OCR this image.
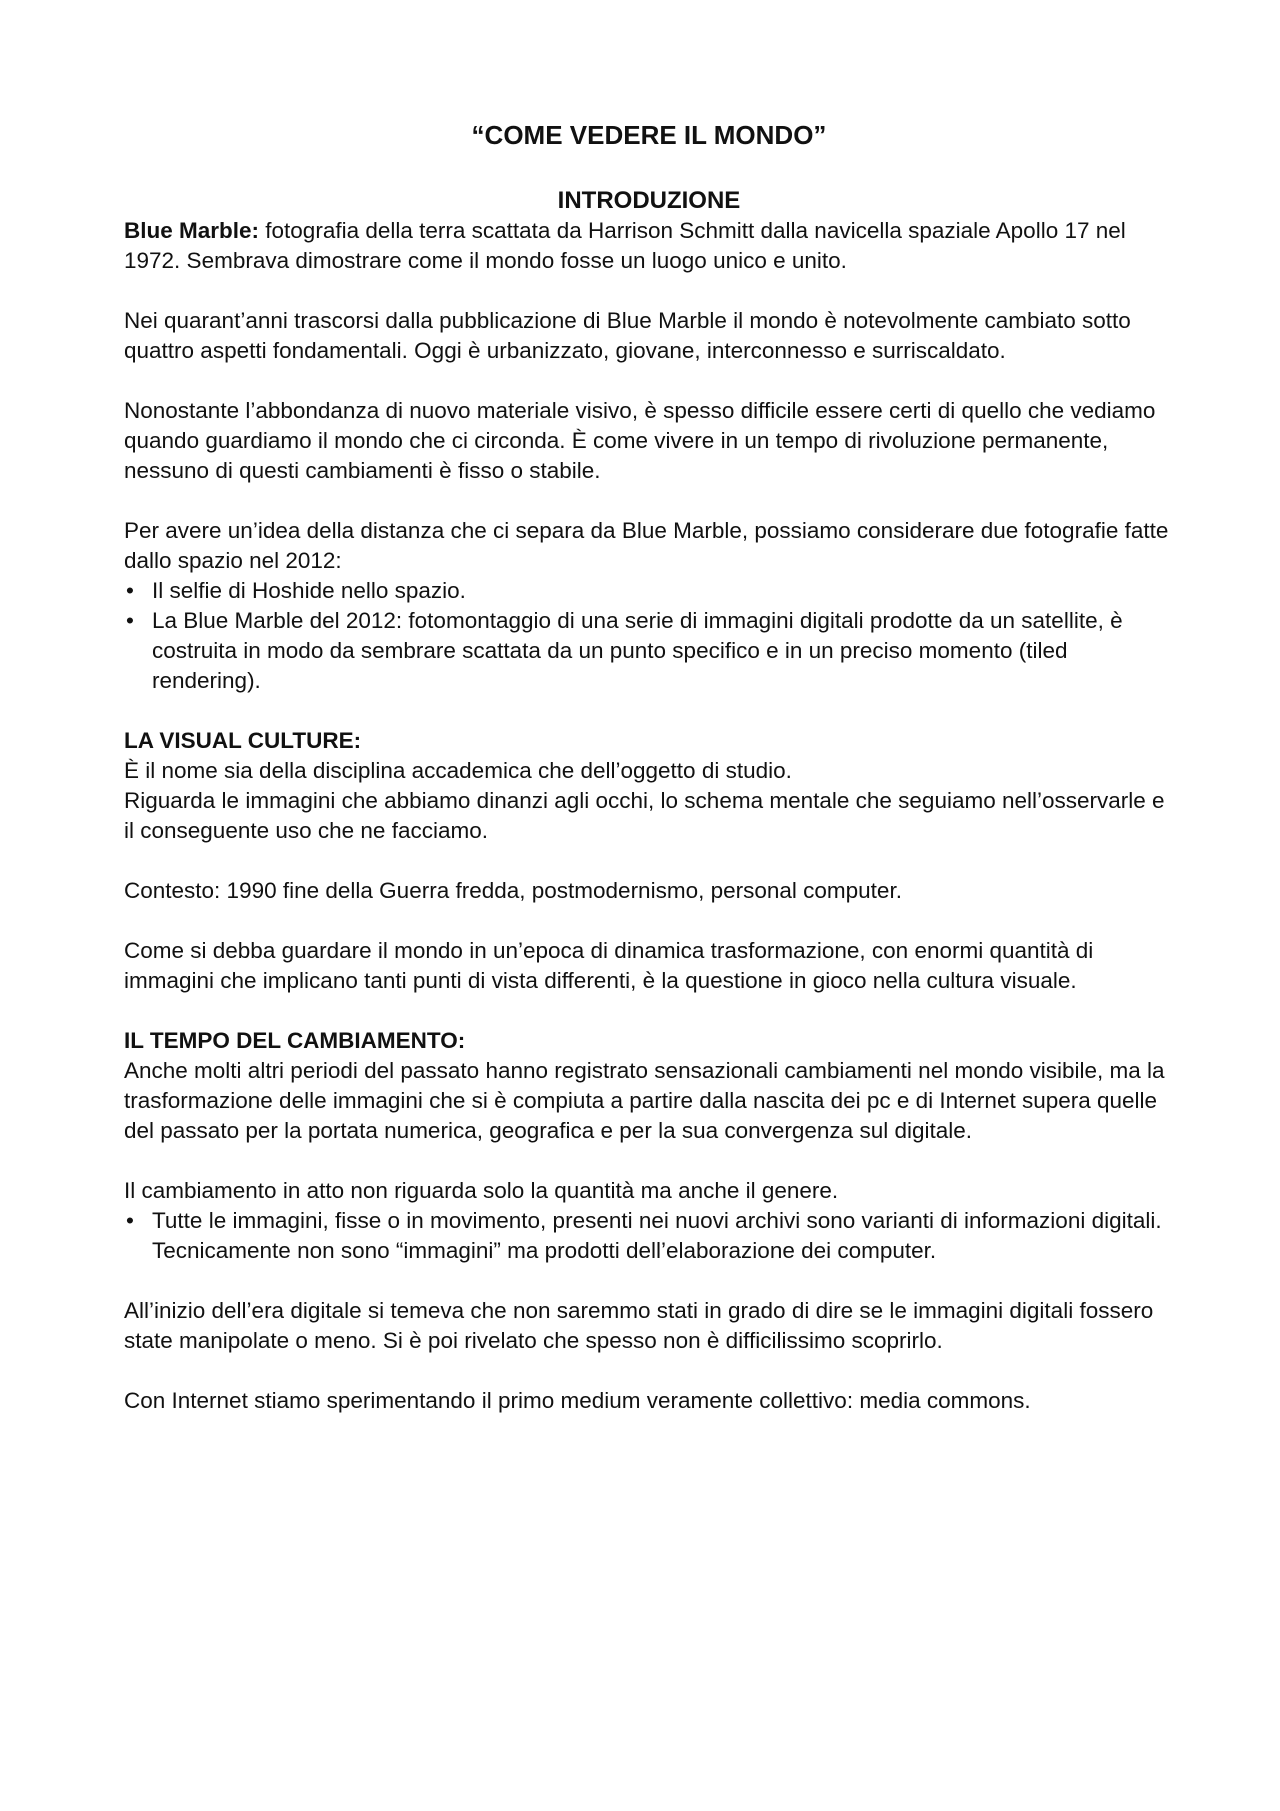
“COME VEDERE IL MONDO”
INTRODUZIONE

Blue Marble: fotografia della terra scattata da Harrison Schmitt dalla navicella spaziale Apollo 17 nel 1972. Sembrava dimostrare come il mondo fosse un luogo unico e unito.

Nei quarant’anni trascorsi dalla pubblicazione di Blue Marble il mondo è notevolmente cambiato sotto quattro aspetti fondamentali. Oggi è urbanizzato, giovane, interconnesso e surriscaldato.

Nonostante l’abbondanza di nuovo materiale visivo, è spesso difficile essere certi di quello che vediamo quando guardiamo il mondo che ci circonda. È come vivere in un tempo di rivoluzione permanente, nessuno di questi cambiamenti è fisso o stabile.

Per avere un’idea della distanza che ci separa da Blue Marble, possiamo considerare due fotografie fatte dallo spazio nel 2012:

• Il selfie di Hoshide nello spazio.
• La Blue Marble del 2012: fotomontaggio di una serie di immagini digitali prodotte da un satellite, è costruita in modo da sembrare scattata da un punto specifico e in un preciso momento (tiled rendering).

LA VISUAL CULTURE:

È il nome sia della disciplina accademica che dell’oggetto di studio.

Riguarda le immagini che abbiamo dinanzi agli occhi, lo schema mentale che seguiamo nell’osservarle e il conseguente uso che ne facciamo.

Contesto: 1990 fine della Guerra fredda, postmodernismo, personal computer.

Come si debba guardare il mondo in un’epoca di dinamica trasformazione, con enormi quantità di immagini che implicano tanti punti di vista differenti, è la questione in gioco nella cultura visuale.

IL TEMPO DEL CAMBIAMENTO:

Anche molti altri periodi del passato hanno registrato sensazionali cambiamenti nel mondo visibile, ma la trasformazione delle immagini che si è compiuta a partire dalla nascita dei pc e di Internet supera quelle del passato per la portata numerica, geografica e per la sua convergenza sul digitale.

Il cambiamento in atto non riguarda solo la quantità ma anche il genere.

• Tutte le immagini, fisse o in movimento, presenti nei nuovi archivi sono varianti di informazioni digitali. Tecnicamente non sono “immagini” ma prodotti dell’elaborazione dei computer.

All’inizio dell’era digitale si temeva che non saremmo stati in grado di dire se le immagini digitali fossero state manipolate o meno. Si è poi rivelato che spesso non è difficilissimo scoprirlo.

Con Internet stiamo sperimentando il primo medium veramente collettivo: media commons.
